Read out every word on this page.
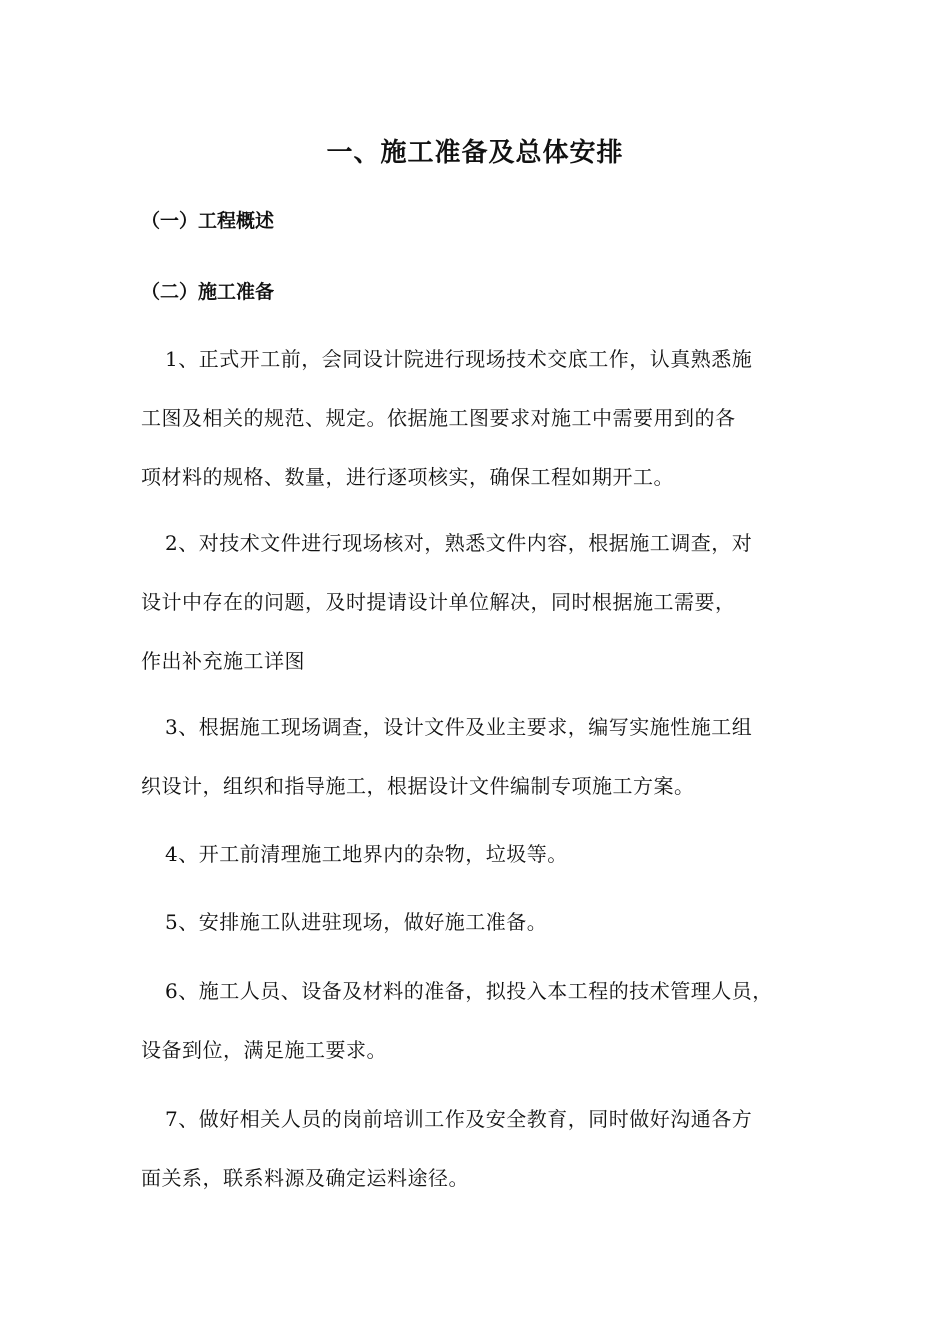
一、施工准备及总体安排
（一）工程概述
（二）施工准备
1、正式开工前，会同设计院进行现场技术交底工作，认真熟悉施
工图及相关的规范、规定。依据施工图要求对施工中需要用到的各
项材料的规格、数量，进行逐项核实，确保工程如期开工。
2、对技术文件进行现场核对，熟悉文件内容，根据施工调查，对
设计中存在的问题，及时提请设计单位解决，同时根据施工需要，
作出补充施工详图
3、根据施工现场调查，设计文件及业主要求，编写实施性施工组
织设计，组织和指导施工，根据设计文件编制专项施工方案。
4、开工前清理施工地界内的杂物，垃圾等。
5、安排施工队进驻现场，做好施工准备。
6、施工人员、设备及材料的准备，拟投入本工程的技术管理人员，
设备到位，满足施工要求。
7、做好相关人员的岗前培训工作及安全教育，同时做好沟通各方
面关系，联系料源及确定运料途径。
